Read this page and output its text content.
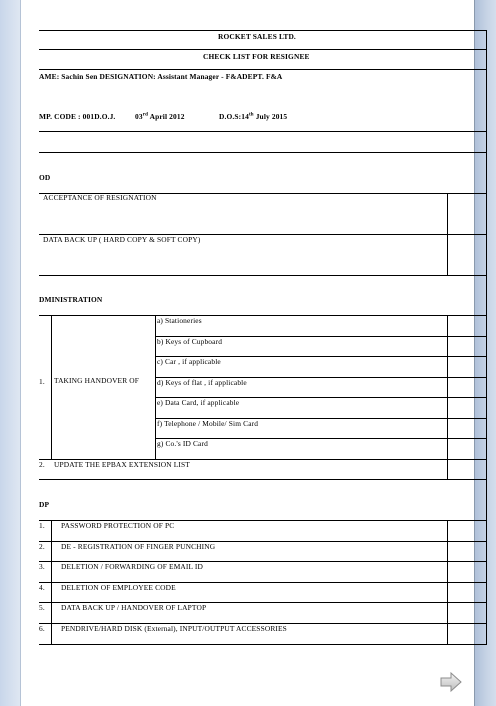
ROCKET SALES LTD.
CHECK LIST FOR RESIGNEE
AME: Sachin Sen DESIGNATION: Assistant Manager - F&ADEPT. F&A
MP. CODE : 001D.O.J.	03rd April 2012	D.O.S:14th July 2015
OD
ACCEPTANCE OF RESIGNATION
DATA BACK UP ( HARD COPY & SOFT COPY)
DMINISTRATION
1. TAKING HANDOVER OF
a) Stationeries
b) Keys of Cupboard
c) Car , if applicable
d) Keys of flat , if applicable
e) Data Card, if applicable
f) Telephone / Mobile/ Sim Card
g) Co.'s ID Card
2. UPDATE THE EPBAX EXTENSION LIST
DP
1. PASSWORD PROTECTION OF PC
2. DE - REGISTRATION OF FINGER PUNCHING
3. DELETION / FORWARDING OF EMAIL ID
4. DELETION OF EMPLOYEE CODE
5. DATA BACK UP / HANDOVER OF LAPTOP
6. PENDRIVE/HARD DISK (External), INPUT/OUTPUT ACCESSORIES
